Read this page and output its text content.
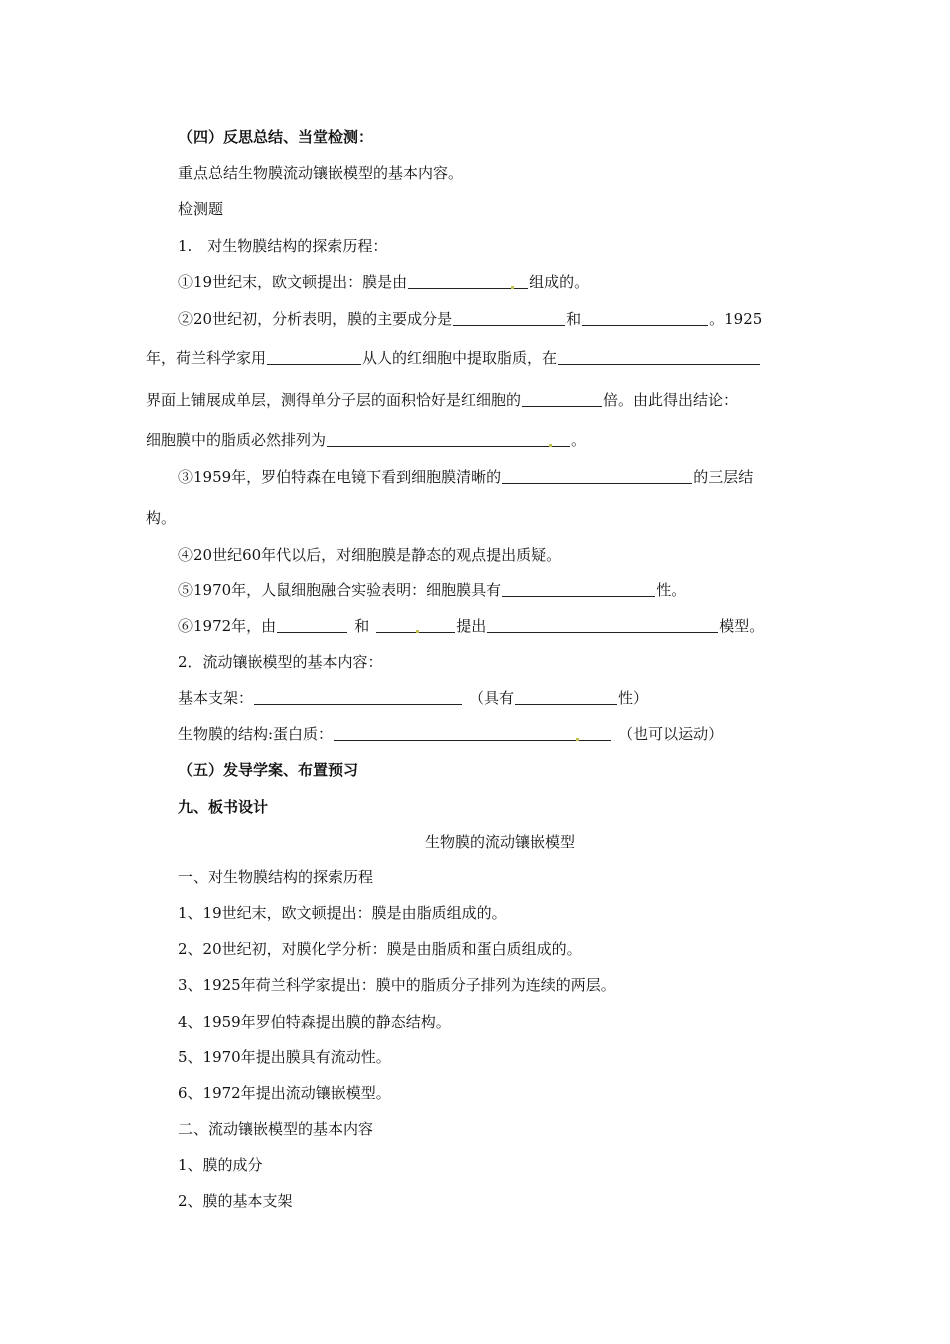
（四）反思总结、当堂检测：
重点总结生物膜流动镶嵌模型的基本内容。
检测题
1.　对生物膜结构的探索历程：
①19世纪末，欧文顿提出：膜是由	组成的。
②20世纪初，分析表明，膜的主要成分是	和	。1925
年，荷兰科学家用	从人的红细胞中提取脂质，在
界面上铺展成单层，测得单分子层的面积恰好是红细胞的	倍。由此得出结论：
细胞膜中的脂质必然排列为	。
③1959年，罗伯特森在电镜下看到细胞膜清晰的	的三层结
构。
④20世纪60年代以后，对细胞膜是静态的观点提出质疑。
⑤1970年，人鼠细胞融合实验表明：细胞膜具有	性。
⑥1972年，由	和	提出	模型。
2．流动镶嵌模型的基本内容：
基本支架：	（具有	性）
生物膜的结构:蛋白质：	（也可以运动）
（五）发导学案、布置预习
九、板书设计
生物膜的流动镶嵌模型
一、对生物膜结构的探索历程
1、19世纪末，欧文顿提出：膜是由脂质组成的。
2、20世纪初，对膜化学分析：膜是由脂质和蛋白质组成的。
3、1925年荷兰科学家提出：膜中的脂质分子排列为连续的两层。
4、1959年罗伯特森提出膜的静态结构。
5、1970年提出膜具有流动性。
6、1972年提出流动镶嵌模型。
二、流动镶嵌模型的基本内容
1、膜的成分
2、膜的基本支架
